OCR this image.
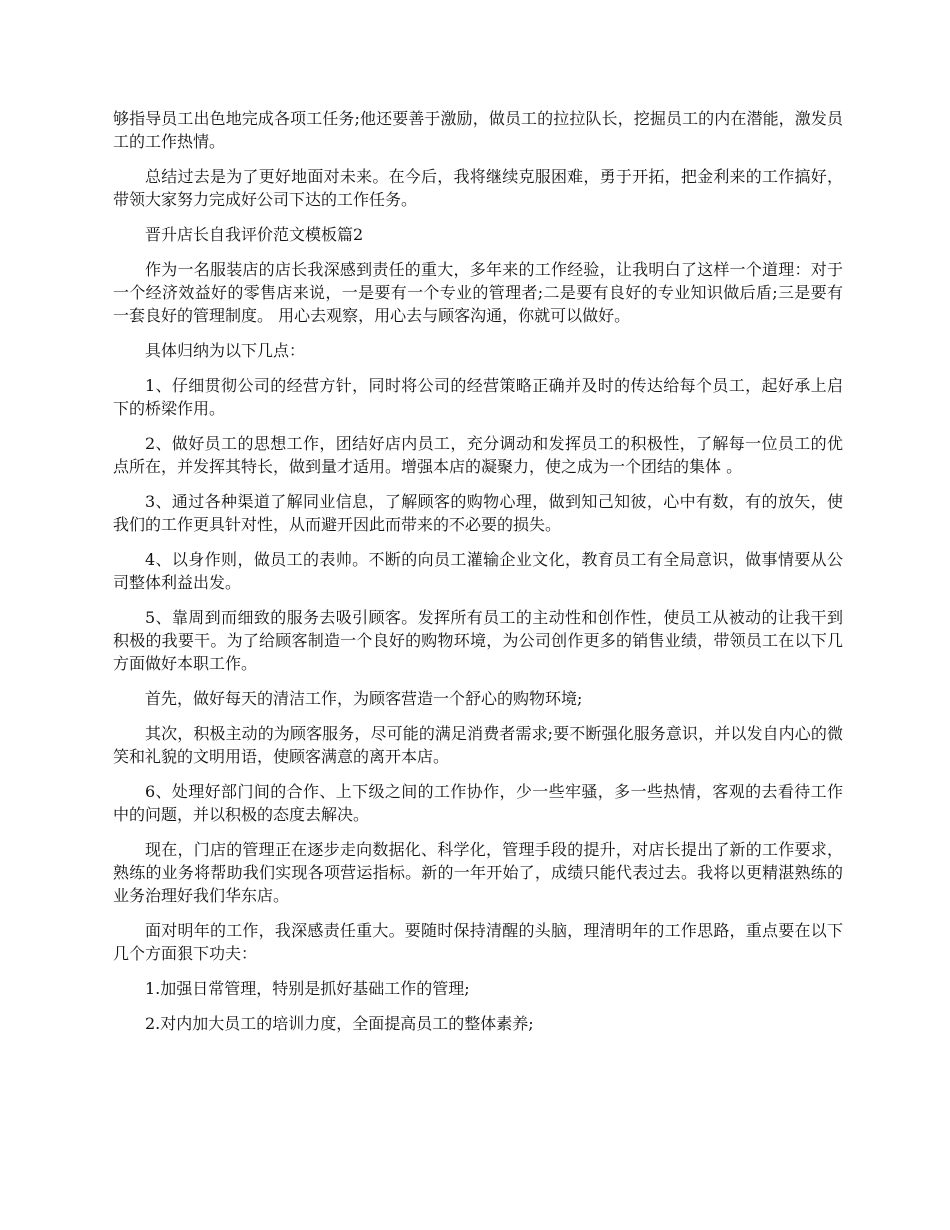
够指导员工出色地完成各项工任务;他还要善于激励，做员工的拉拉队长，挖掘员工的内在潜能，激发员工的工作热情。

总结过去是为了更好地面对未来。在今后，我将继续克服困难，勇于开拓，把金利来的工作搞好，带领大家努力完成好公司下达的工作任务。

晋升店长自我评价范文模板篇2

作为一名服装店的店长我深感到责任的重大，多年来的工作经验，让我明白了这样一个道理：对于一个经济效益好的零售店来说，一是要有一个专业的管理者;二是要有良好的专业知识做后盾;三是要有一套良好的管理制度。 用心去观察，用心去与顾客沟通，你就可以做好。

具体归纳为以下几点：

1、仔细贯彻公司的经营方针，同时将公司的经营策略正确并及时的传达给每个员工，起好承上启下的桥梁作用。

2、做好员工的思想工作，团结好店内员工，充分调动和发挥员工的积极性，了解每一位员工的优点所在，并发挥其特长，做到量才适用。增强本店的凝聚力，使之成为一个团结的集体 。

3、通过各种渠道了解同业信息，了解顾客的购物心理，做到知己知彼，心中有数，有的放矢，使我们的工作更具针对性，从而避开因此而带来的不必要的损失。

4、以身作则，做员工的表帅。不断的向员工灌输企业文化，教育员工有全局意识，做事情要从公司整体利益出发。

5、靠周到而细致的服务去吸引顾客。发挥所有员工的主动性和创作性，使员工从被动的让我干到积极的我要干。为了给顾客制造一个良好的购物环境，为公司创作更多的销售业绩，带领员工在以下几方面做好本职工作。

首先，做好每天的清洁工作，为顾客营造一个舒心的购物环境;

其次，积极主动的为顾客服务，尽可能的满足消费者需求;要不断强化服务意识，并以发自内心的微笑和礼貌的文明用语，使顾客满意的离开本店。

6、处理好部门间的合作、上下级之间的工作协作，少一些牢骚，多一些热情，客观的去看待工作中的问题，并以积极的态度去解决。

现在，门店的管理正在逐步走向数据化、科学化，管理手段的提升，对店长提出了新的工作要求，熟练的业务将帮助我们实现各项营运指标。新的一年开始了，成绩只能代表过去。我将以更精湛熟练的业务治理好我们华东店。

面对明年的工作，我深感责任重大。要随时保持清醒的头脑，理清明年的工作思路，重点要在以下几个方面狠下功夫：

1.加强日常管理，特别是抓好基础工作的管理;

2.对内加大员工的培训力度，全面提高员工的整体素养;
